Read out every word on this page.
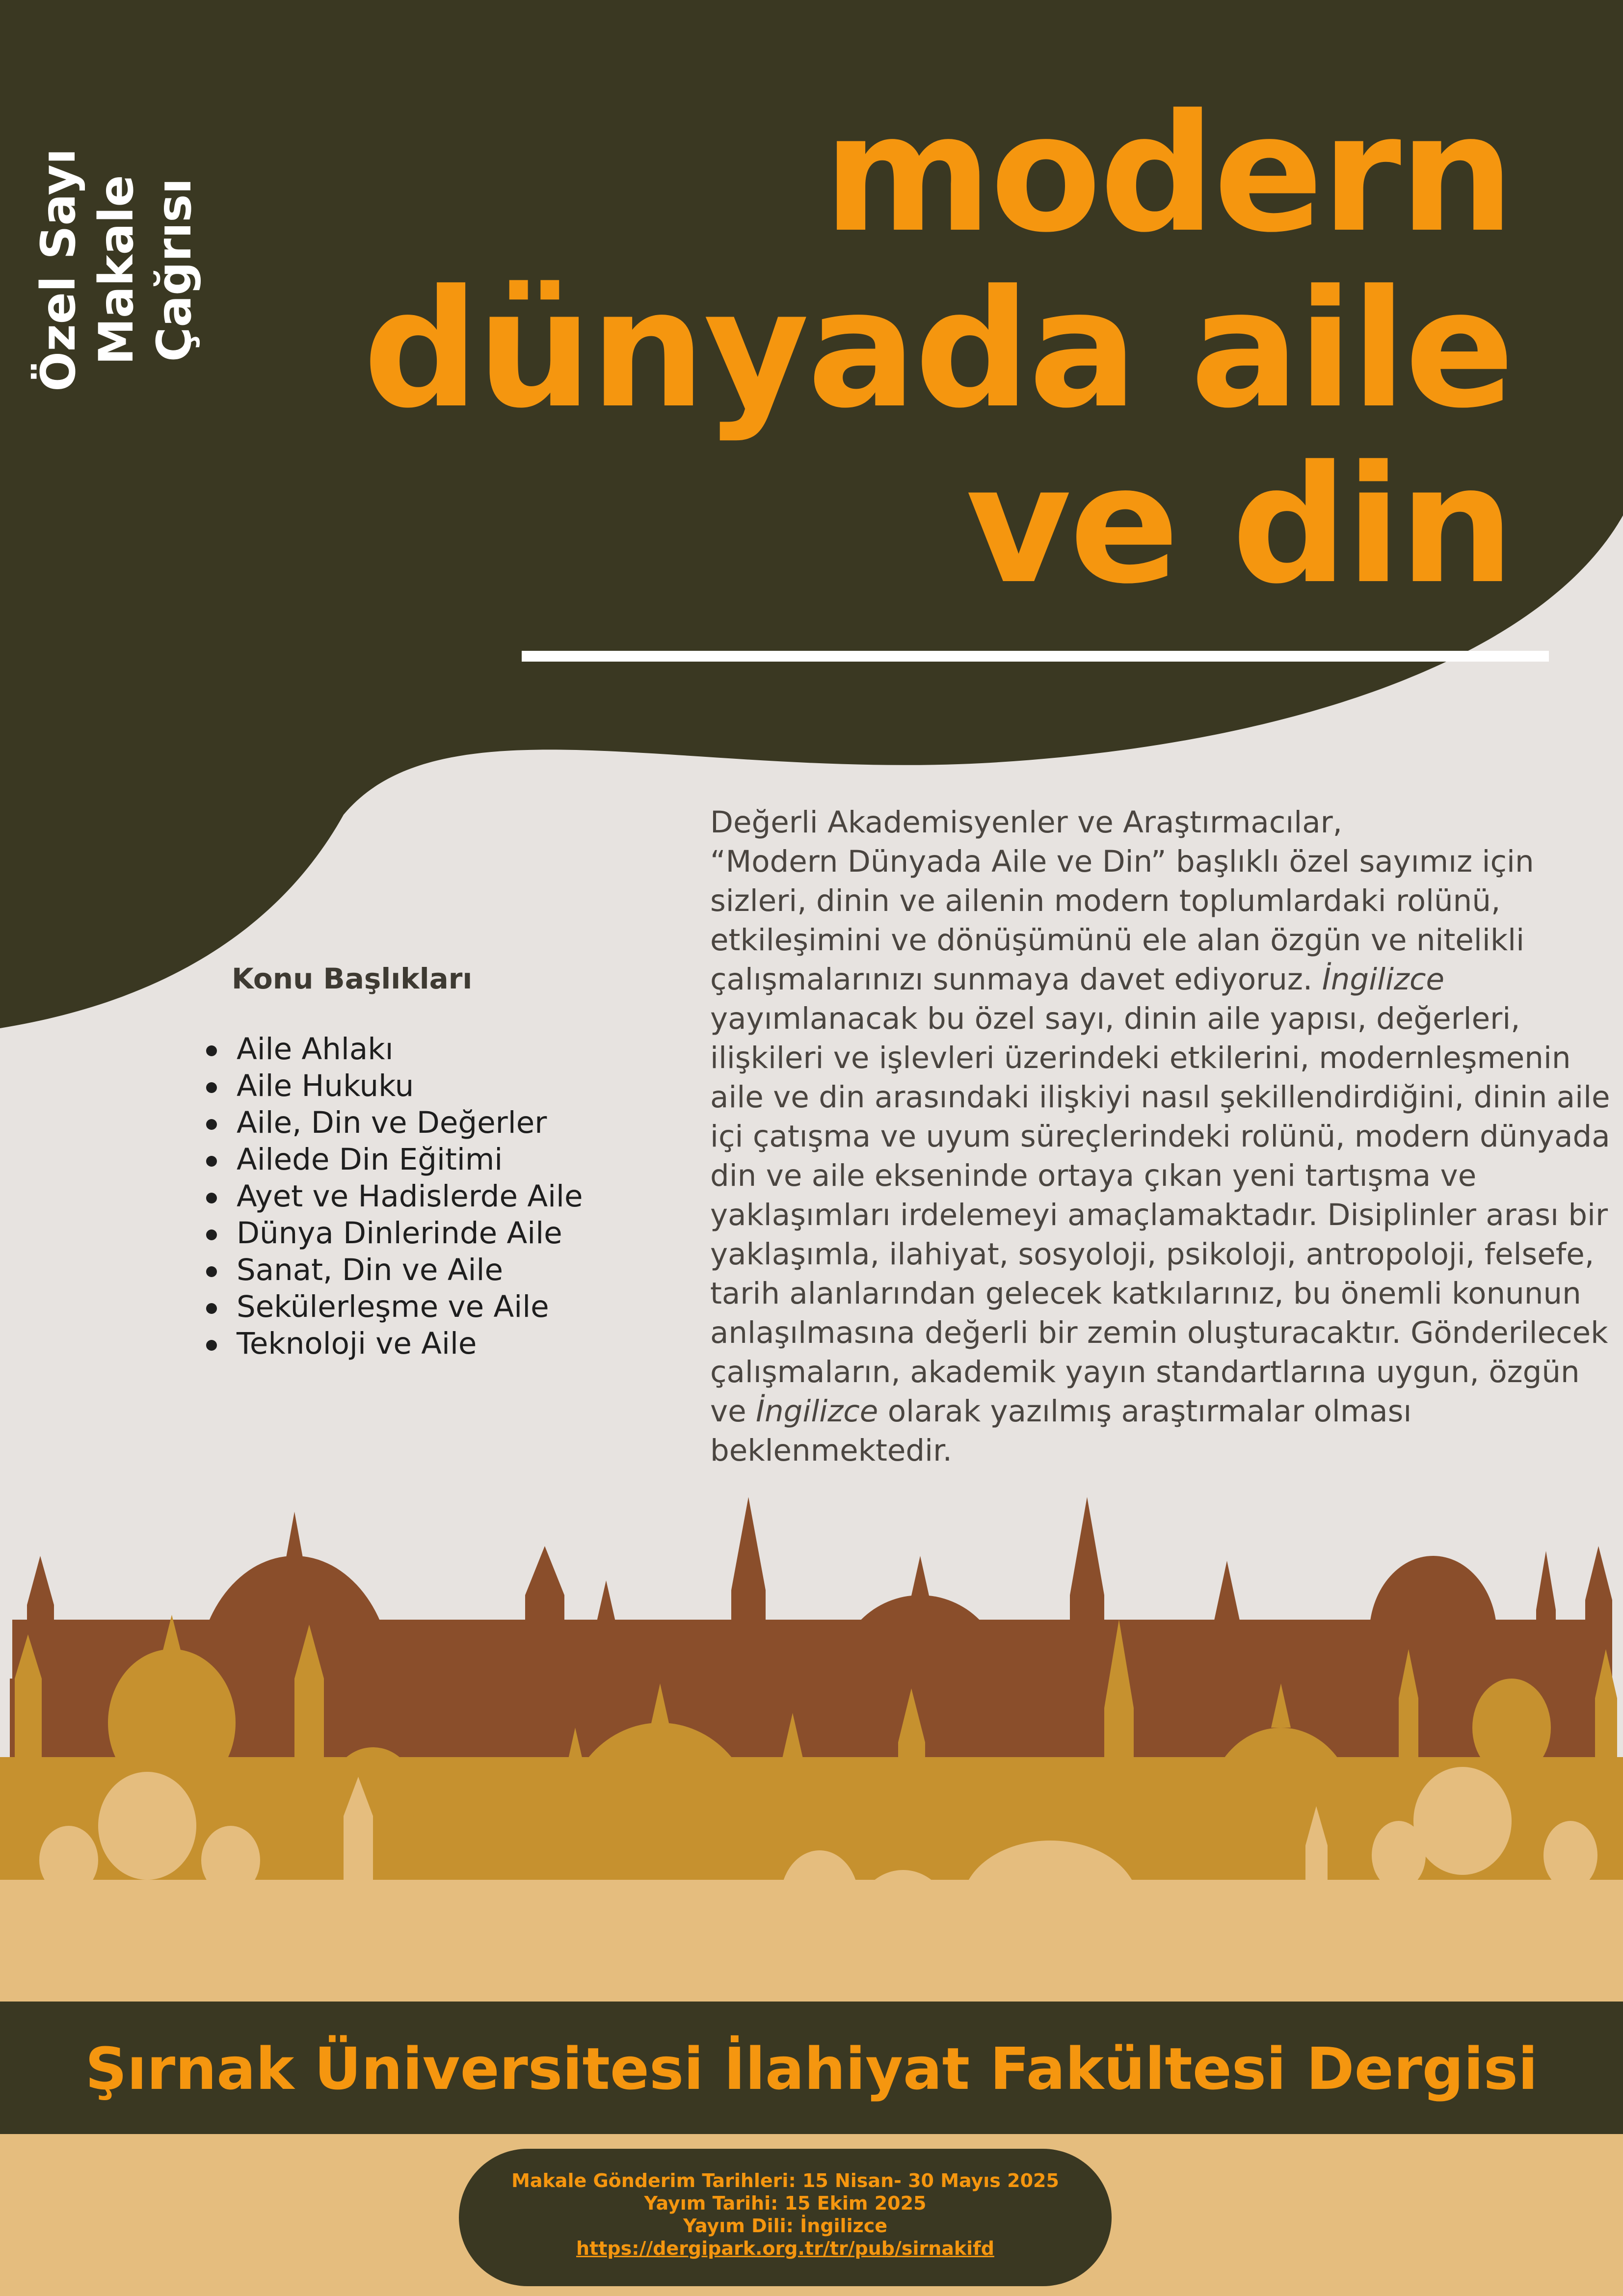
Özel Sayı Makale Çağrısı
modern
dünyada aile
ve din
Konu Başlıkları
Aile Ahlakı
Aile Hukuku
Aile, Din ve Değerler
Ailede Din Eğitimi
Ayet ve Hadislerde Aile
Dünya Dinlerinde Aile
Sanat, Din ve Aile
Sekülerleşme ve Aile
Teknoloji ve Aile
Değerli Akademisyenler ve Araştırmacılar,
“Modern Dünyada Aile ve Din” başlıklı özel sayımız için
sizleri, dinin ve ailenin modern toplumlardaki rolünü,
etkileşimini ve dönüşümünü ele alan özgün ve nitelikli
çalışmalarınızı sunmaya davet ediyoruz. İngilizce
yayımlanacak bu özel sayı, dinin aile yapısı, değerleri,
ilişkileri ve işlevleri üzerindeki etkilerini, modernleşmenin
aile ve din arasındaki ilişkiyi nasıl şekillendirdiğini, dinin aile
içi çatışma ve uyum süreçlerindeki rolünü, modern dünyada
din ve aile ekseninde ortaya çıkan yeni tartışma ve
yaklaşımları irdelemeyi amaçlamaktadır. Disiplinler arası bir
yaklaşımla, ilahiyat, sosyoloji, psikoloji, antropoloji, felsefe,
tarih alanlarından gelecek katkılarınız, bu önemli konunun
anlaşılmasına değerli bir zemin oluşturacaktır. Gönderilecek
çalışmaların, akademik yayın standartlarına uygun, özgün
ve İngilizce olarak yazılmış araştırmalar olması
beklenmektedir.
Şırnak Üniversitesi İlahiyat Fakültesi Dergisi
Makale Gönderim Tarihleri: 15 Nisan- 30 Mayıs 2025
Yayım Tarihi: 15 Ekim 2025
Yayım Dili: İngilizce
https://dergipark.org.tr/tr/pub/sirnakifd
